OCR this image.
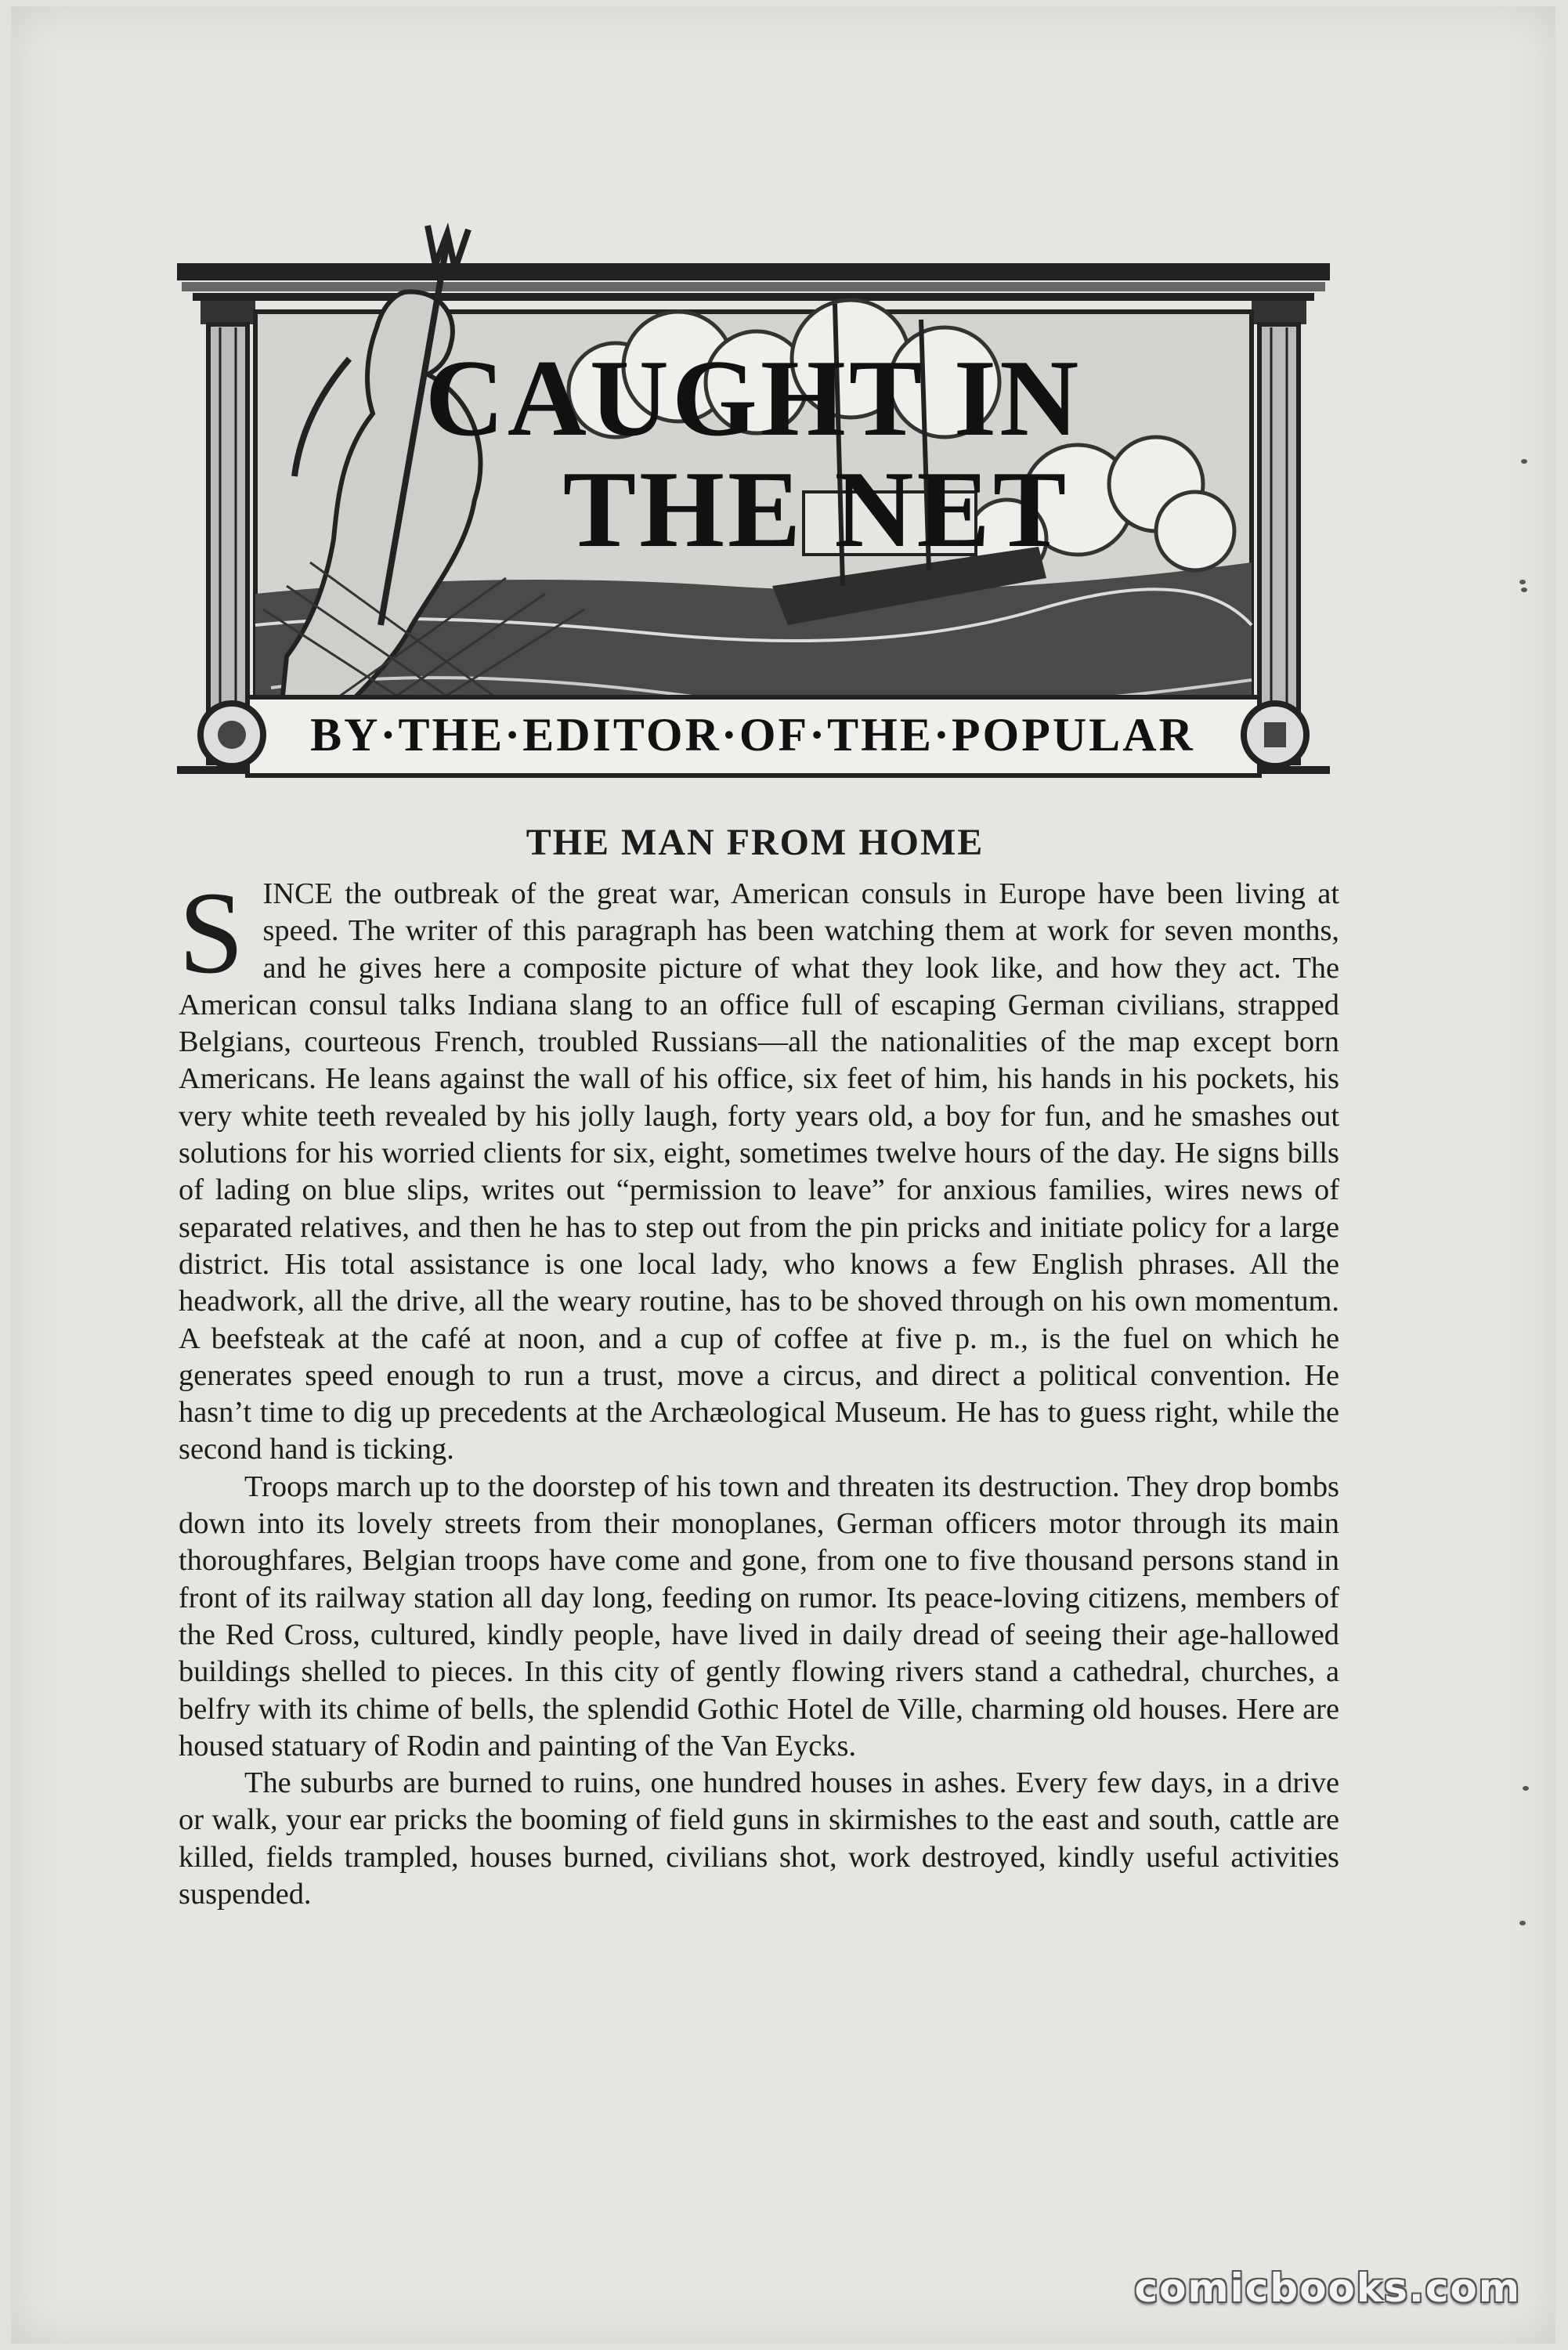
CAUGHT IN
THE NET
BY·THE·EDITOR·OF·THE·POPULAR
THE MAN FROM HOME

SINCE the outbreak of the great war, American consuls in Europe have been living at speed. The writer of this paragraph has been watching them at work for seven months, and he gives here a composite picture of what they look like, and how they act. The American consul talks Indiana slang to an office full of escaping German civilians, strapped Belgians, courteous French, troubled Russians—all the nationalities of the map except born Americans. He leans against the wall of his office, six feet of him, his hands in his pockets, his very white teeth revealed by his jolly laugh, forty years old, a boy for fun, and he smashes out solutions for his worried clients for six, eight, sometimes twelve hours of the day. He signs bills of lading on blue slips, writes out “permission to leave” for anxious families, wires news of separated relatives, and then he has to step out from the pin pricks and initiate policy for a large district. His total assistance is one local lady, who knows a few English phrases. All the headwork, all the drive, all the weary routine, has to be shoved through on his own momentum. A beefsteak at the café at noon, and a cup of coffee at five p. m., is the fuel on which he generates speed enough to run a trust, move a circus, and direct a political convention. He hasn’t time to dig up precedents at the Archæological Museum. He has to guess right, while the second hand is ticking.

Troops march up to the doorstep of his town and threaten its destruction. They drop bombs down into its lovely streets from their monoplanes, German officers motor through its main thoroughfares, Belgian troops have come and gone, from one to five thousand persons stand in front of its railway station all day long, feeding on rumor. Its peace-loving citizens, members of the Red Cross, cultured, kindly people, have lived in daily dread of seeing their age-hallowed buildings shelled to pieces. In this city of gently flowing rivers stand a cathedral, churches, a belfry with its chime of bells, the splendid Gothic Hotel de Ville, charming old houses. Here are housed statuary of Rodin and painting of the Van Eycks.

The suburbs are burned to ruins, one hundred houses in ashes. Every few days, in a drive or walk, your ear pricks the booming of field guns in skirmishes to the east and south, cattle are killed, fields trampled, houses burned, civilians shot, work destroyed, kindly useful activities suspended.

comicbooks.com
